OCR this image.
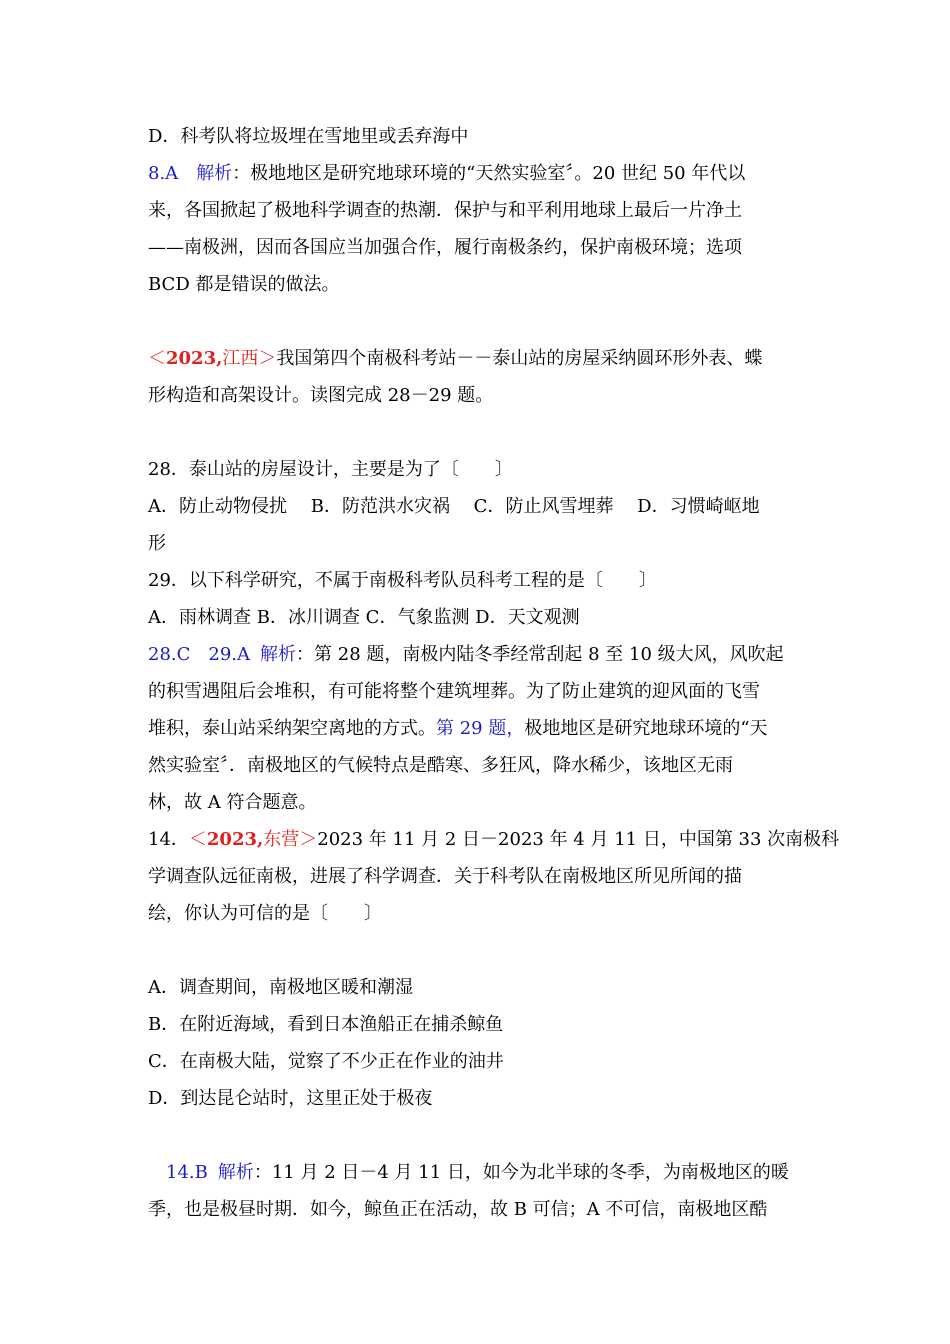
D．科考队将垃圾埋在雪地里或丢弃海中
8.A 解析：极地地区是研究地球环境的“天然实验室〞。20 世纪 50 年代以
来，各国掀起了极地科学调查的热潮．保护与和平利用地球上最后一片净土
——南极洲，因而各国应当加强合作，履行南极条约，保护南极环境；选项
BCD 都是错误的做法。
＜2023,江西＞我国第四个南极科考站－－泰山站的房屋采纳圆环形外表、蝶
形构造和高架设计。读图完成 28－29 题。
28．泰山站的房屋设计，主要是为了〔　　〕
A．防止动物侵扰　 B．防范洪水灾祸　 C．防止风雪埋葬　 D．习惯崎岖地
形
29．以下科学研究，不属于南极科考队员科考工程的是〔　　〕
A．雨林调查 B．冰川调查 C．气象监测 D．天文观测
28.C 29.A 解析：第 28 题，南极内陆冬季经常刮起 8 至 10 级大风，风吹起
的积雪遇阻后会堆积，有可能将整个建筑埋葬。为了防止建筑的迎风面的飞雪
堆积，泰山站采纳架空离地的方式。第 29 题，极地地区是研究地球环境的“天
然实验室〞．南极地区的气候特点是酷寒、多狂风，降水稀少，该地区无雨
林，故 A 符合题意。
14．＜2023,东营＞2023 年 11 月 2 日－2023 年 4 月 11 日，中国第 33 次南极科
学调查队远征南极，进展了科学调查．关于科考队在南极地区所见所闻的描
绘，你认为可信的是〔　　〕
A．调查期间，南极地区暖和潮湿
B．在附近海域，看到日本渔船正在捕杀鲸鱼
C．在南极大陆，觉察了不少正在作业的油井
D．到达昆仑站时，这里正处于极夜
14.B 解析：11 月 2 日－4 月 11 日，如今为北半球的冬季，为南极地区的暖
季，也是极昼时期．如今，鲸鱼正在活动，故 B 可信；A 不可信，南极地区酷
